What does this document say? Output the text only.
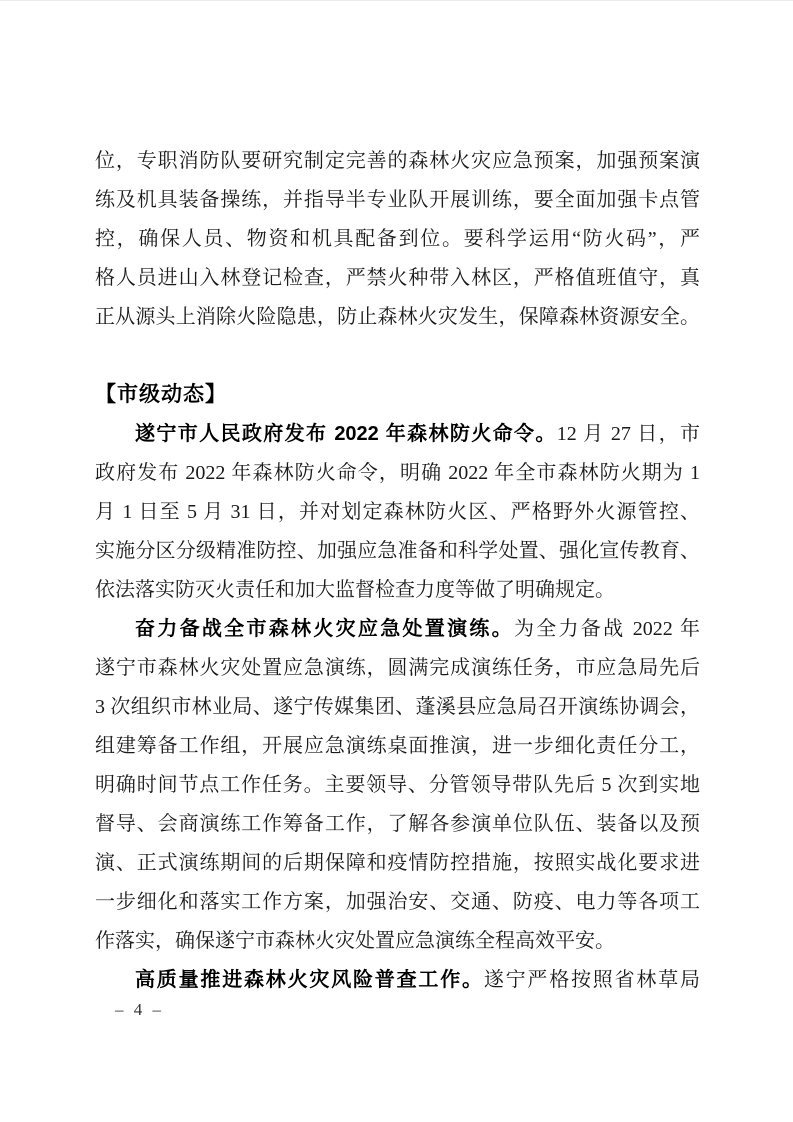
位，专职消防队要研究制定完善的森林火灾应急预案，加强预案演
练及机具装备操练，并指导半专业队开展训练，要全面加强卡点管
控，确保人员、物资和机具配备到位。要科学运用“防火码”，严
格人员进山入林登记检查，严禁火种带入林区，严格值班值守，真
正从源头上消除火险隐患，防止森林火灾发生，保障森林资源安全。
【市级动态】
遂宁市人民政府发布 2022 年森林防火命令。12 月 27 日，市
政府发布 2022 年森林防火命令，明确 2022 年全市森林防火期为 1
月 1 日至 5 月 31 日，并对划定森林防火区、严格野外火源管控、
实施分区分级精准防控、加强应急准备和科学处置、强化宣传教育、
依法落实防灭火责任和加大监督检查力度等做了明确规定。
奋力备战全市森林火灾应急处置演练。为全力备战 2022 年
遂宁市森林火灾处置应急演练，圆满完成演练任务，市应急局先后
3 次组织市林业局、遂宁传媒集团、蓬溪县应急局召开演练协调会，
组建筹备工作组，开展应急演练桌面推演，进一步细化责任分工，
明确时间节点工作任务。主要领导、分管领导带队先后 5 次到实地
督导、会商演练工作筹备工作，了解各参演单位队伍、装备以及预
演、正式演练期间的后期保障和疫情防控措施，按照实战化要求进
一步细化和落实工作方案，加强治安、交通、防疫、电力等各项工
作落实，确保遂宁市森林火灾处置应急演练全程高效平安。
高质量推进森林火灾风险普查工作。遂宁严格按照省林草局
– 4 –
